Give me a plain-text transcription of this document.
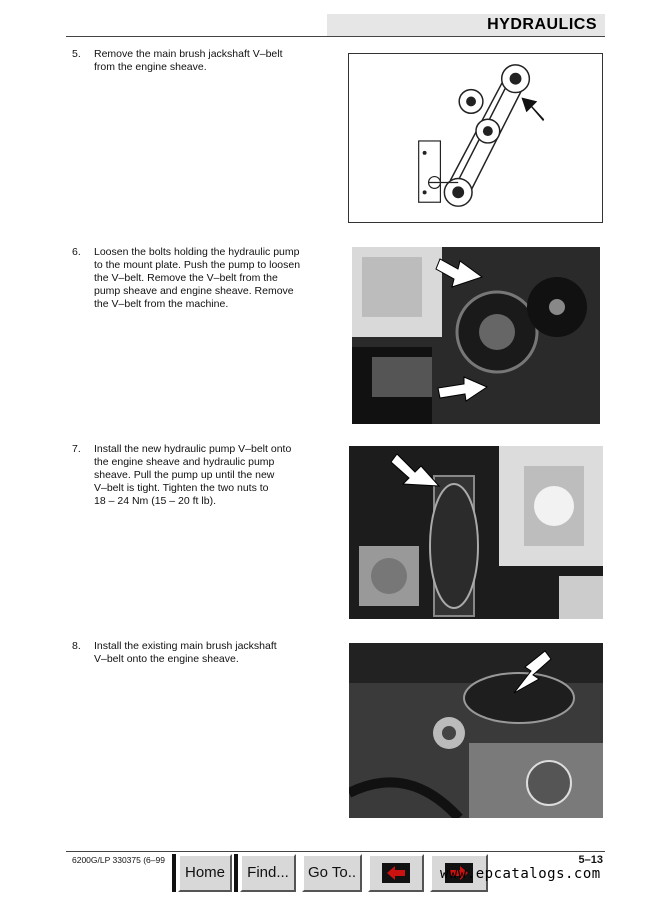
HYDRAULICS
5.	Remove the main brush jackshaft V–belt
from the engine sheave.
6.	Loosen the bolts holding the hydraulic pump
to the mount plate. Push the pump to loosen
the V–belt. Remove the V–belt from the
pump sheave and engine sheave. Remove
the V–belt from the machine.
7.	Install the new hydraulic pump V–belt onto
the engine sheave and hydraulic pump
sheave. Pull the pump up until the new
V–belt is tight. Tighten the two nuts to
18 – 24 Nm (15 – 20 ft lb).
8.	Install the existing main brush jackshaft
V–belt onto the engine sheave.
6200G/LP 330375 (6–99	5–13
Home	Find...	Go To..	www.epcatalogs.com
